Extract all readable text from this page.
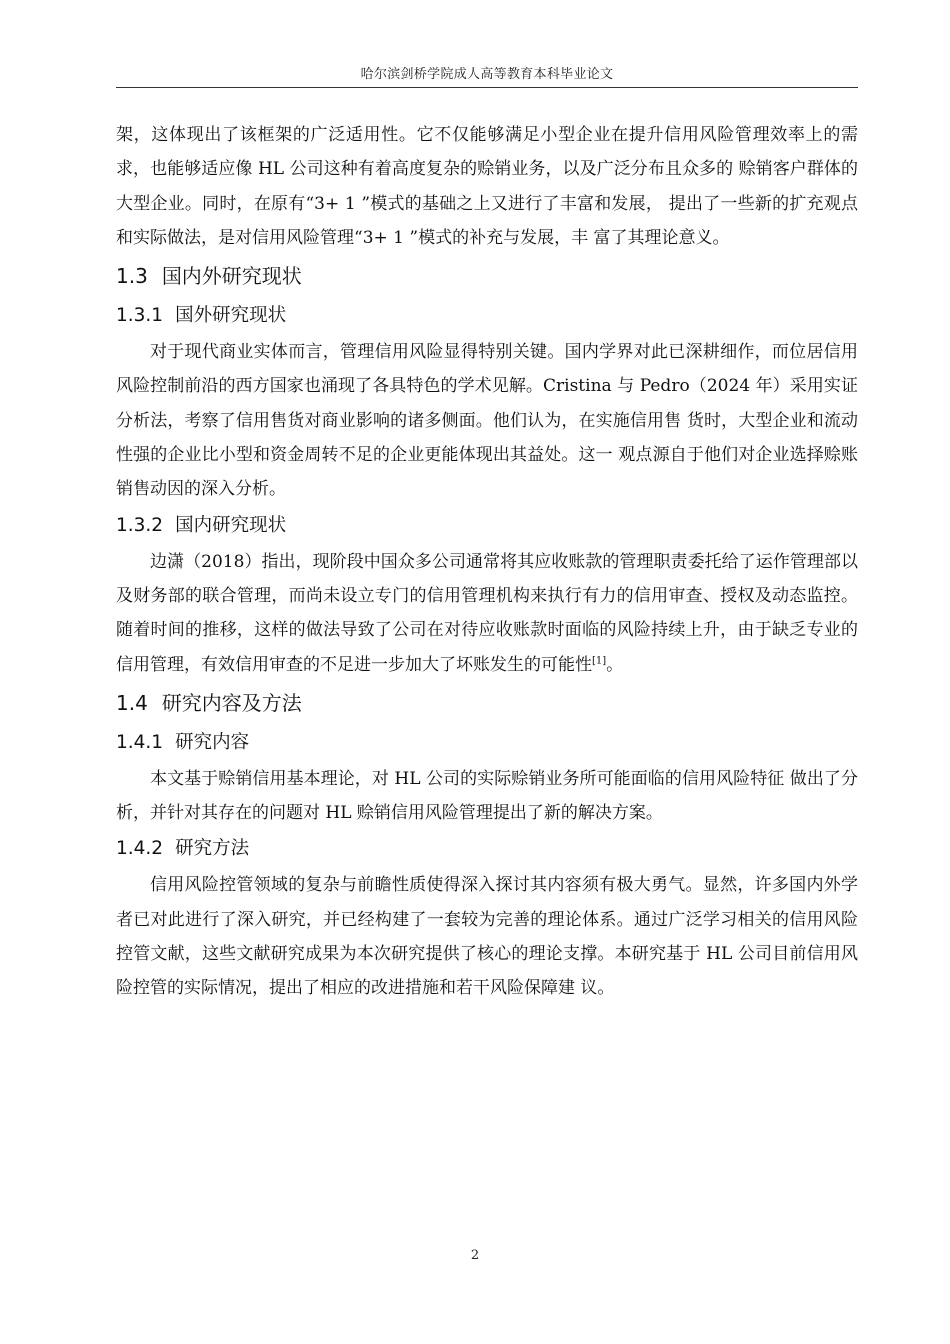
哈尔滨剑桥学院成人高等教育本科毕业论文

架，这体现出了该框架的广泛适用性。它不仅能够满足小型企业在提升信用风险管理效率上的需求，也能够适应像 HL 公司这种有着高度复杂的赊销业务，以及广泛分布且众多的 赊销客户群体的大型企业。同时，在原有“3+ 1 ”模式的基础之上又进行了丰富和发展， 提出了一些新的扩充观点和实际做法，是对信用风险管理“3+ 1 ”模式的补充与发展，丰 富了其理论意义。

1.3 国内外研究现状
1.3.1 国外研究现状

对于现代商业实体而言，管理信用风险显得特别关键。国内学界对此已深耕细作，而位居信用风险控制前沿的西方国家也涌现了各具特色的学术见解。Cristina 与 Pedro（2024 年）采用实证分析法，考察了信用售货对商业影响的诸多侧面。他们认为，在实施信用售 货时，大型企业和流动性强的企业比小型和资金周转不足的企业更能体现出其益处。这一 观点源自于他们对企业选择赊账销售动因的深入分析。

1.3.2 国内研究现状

边潇（2018）指出，现阶段中国众多公司通常将其应收账款的管理职责委托给了运作管理部以及财务部的联合管理，而尚未设立专门的信用管理机构来执行有力的信用审查、授权及动态监控。随着时间的推移，这样的做法导致了公司在对待应收账款时面临的风险持续上升，由于缺乏专业的信用管理，有效信用审查的不足进一步加大了坏账发生的可能性[1]。

1.4 研究内容及方法
1.4.1 研究内容

本文基于赊销信用基本理论，对 HL 公司的实际赊销业务所可能面临的信用风险特征 做出了分析，并针对其存在的问题对 HL 赊销信用风险管理提出了新的解决方案。

1.4.2 研究方法

信用风险控管领域的复杂与前瞻性质使得深入探讨其内容须有极大勇气。显然，许多国内外学者已对此进行了深入研究，并已经构建了一套较为完善的理论体系。通过广泛学习相关的信用风险控管文献，这些文献研究成果为本次研究提供了核心的理论支撑。本研究基于 HL 公司目前信用风险控管的实际情况，提出了相应的改进措施和若干风险保障建 议。

2
